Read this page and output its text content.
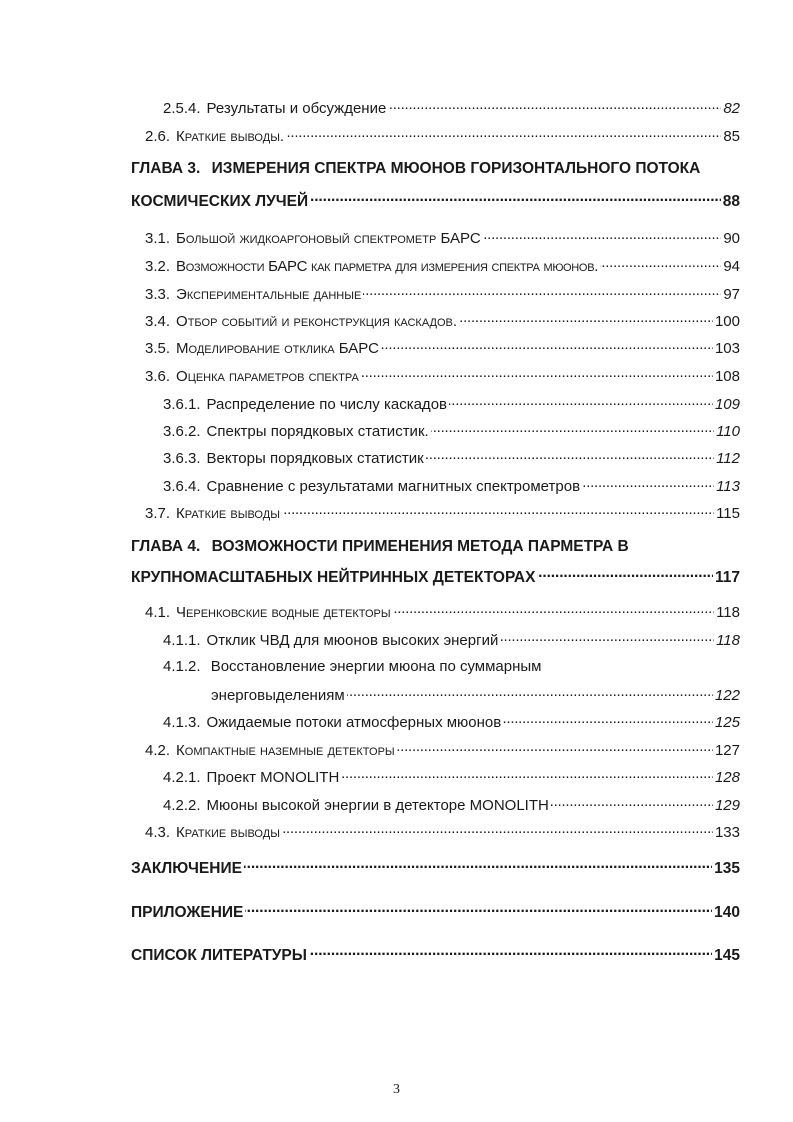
2.5.4. Результаты и обсуждение . . .	82
2.6. Краткие выводы. . . .	85
ГЛАВА 3. ИЗМЕРЕНИЯ СПЕКТРА МЮОНОВ ГОРИЗОНТАЛЬНОГО ПОТОКА
КОСМИЧЕСКИХ ЛУЧЕЙ . . .	88
3.1. Большой жидкоаргоновый спектрометр БАРС . . .	90
3.2. Возможности БАРС как парметра для измерения спектра мюонов. . . .	94
3.3. Экспериментальные данные . . .	97
3.4. Отбор событий и реконструкция каскадов. . . .	100
3.5. Моделирование отклика БАРС . . .	103
3.6. Оценка параметров спектра . . .	108
3.6.1. Распределение по числу каскадов . . .	109
3.6.2. Спектры порядковых статистик. . . .	110
3.6.3. Векторы порядковых статистик . . .	112
3.6.4. Сравнение с результатами магнитных спектрометров . . .	113
3.7. Краткие выводы . . .	115
ГЛАВА 4. ВОЗМОЖНОСТИ ПРИМЕНЕНИЯ МЕТОДА ПАРМЕТРА В
КРУПНОМАСШТАБНЫХ НЕЙТРИННЫХ ДЕТЕКТОРАХ . . .	117
4.1. Черенковские водные детекторы . . .	118
4.1.1. Отклик ЧВД для мюонов высоких энергий . . .	118
4.1.2. Восстановление энергии мюона по суммарным
энерговыделениям . . .	122
4.1.3. Ожидаемые потоки атмосферных мюонов . . .	125
4.2. Компактные наземные детекторы . . .	127
4.2.1. Проект MONOLITH . . .	128
4.2.2. Мюоны высокой энергии в детекторе MONOLITH . . .	129
4.3. Краткие выводы . . .	133
ЗАКЛЮЧЕНИЕ . . .	135
ПРИЛОЖЕНИЕ . . .	140
СПИСОК ЛИТЕРАТУРЫ . . .	145
3
